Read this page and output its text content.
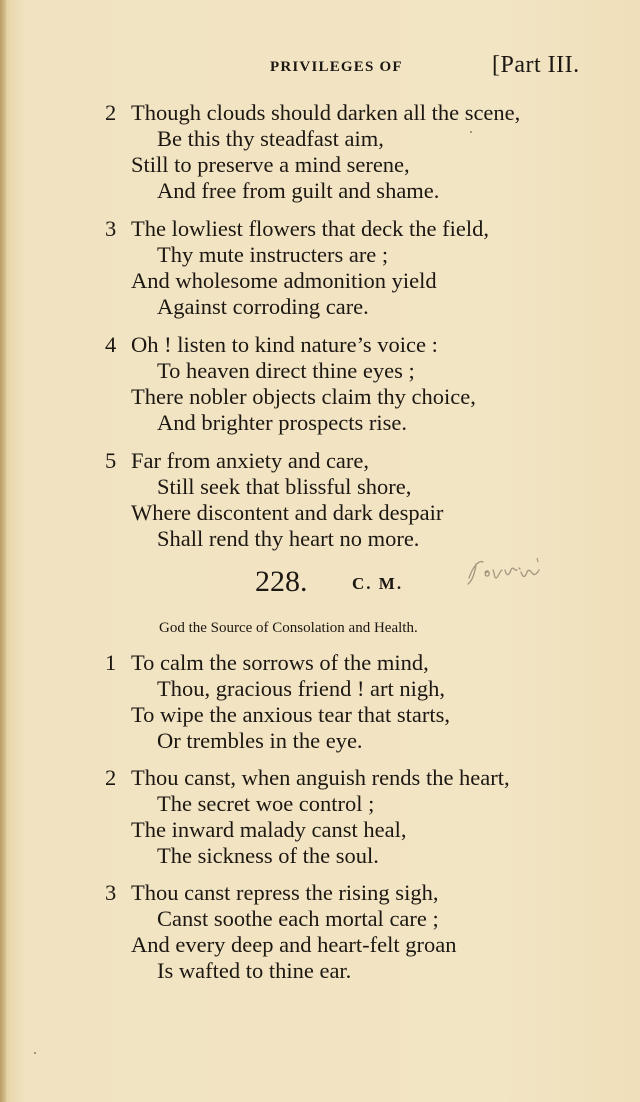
PRIVILEGES OF	[Part III.
2 Though clouds should darken all the scene,
Be this thy steadfast aim,
Still to preserve a mind serene,
And free from guilt and shame.
3 The lowliest flowers that deck the field,
Thy mute instructers are ;
And wholesome admonition yield
Against corroding care.
4 Oh ! listen to kind nature’s voice :
To heaven direct thine eyes ;
There nobler objects claim thy choice,
And brighter prospects rise.
5 Far from anxiety and care,
Still seek that blissful shore,
Where discontent and dark despair
Shall rend thy heart no more.
228.	C. M.
God the Source of Consolation and Health.
1 To calm the sorrows of the mind,
Thou, gracious friend ! art nigh,
To wipe the anxious tear that starts,
Or trembles in the eye.
2 Thou canst, when anguish rends the heart,
The secret woe control ;
The inward malady canst heal,
The sickness of the soul.
3 Thou canst repress the rising sigh,
Canst soothe each mortal care ;
And every deep and heart-felt groan
Is wafted to thine ear.
